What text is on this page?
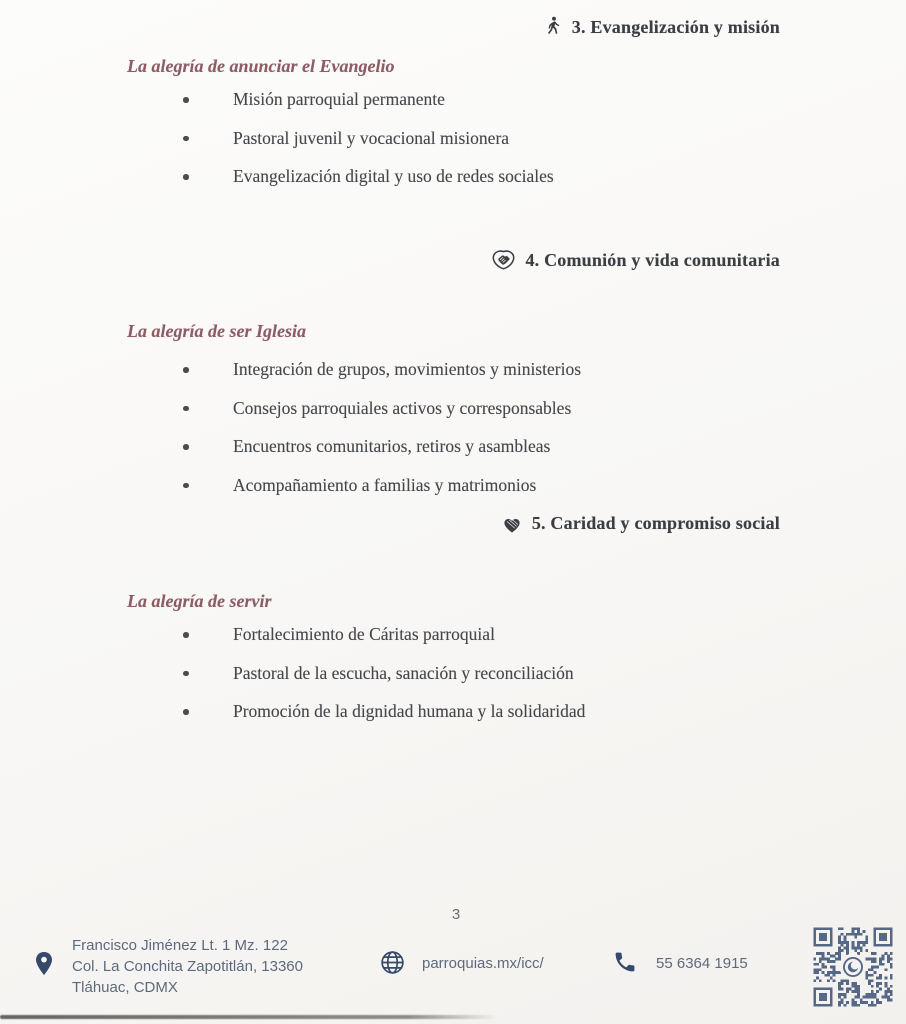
3. Evangelización y misión
La alegría de anunciar el Evangelio
Misión parroquial permanente
Pastoral juvenil y vocacional misionera
Evangelización digital y uso de redes sociales
4. Comunión y vida comunitaria
La alegría de ser Iglesia
Integración de grupos, movimientos y ministerios
Consejos parroquiales activos y corresponsables
Encuentros comunitarios, retiros y asambleas
Acompañamiento a familias y matrimonios
5. Caridad y compromiso social
La alegría de servir
Fortalecimiento de Cáritas parroquial
Pastoral de la escucha, sanación y reconciliación
Promoción de la dignidad humana y la solidaridad
3
Francisco Jiménez Lt. 1 Mz. 122
Col. La Conchita Zapotitlán, 13360
Tláhuac, CDMX
parroquias.mx/icc/	55 6364 1915
